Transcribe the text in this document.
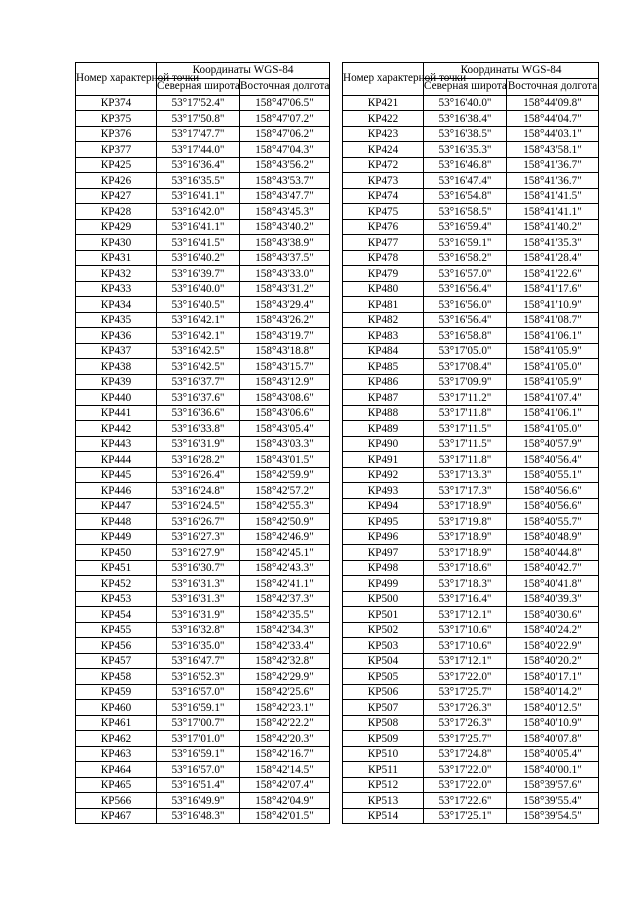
Номер характерной точки	Координаты WGS-84	
	Северная широта	Восточная долгота
КР374	53°17'52.4"	158°47'06.5"
КР375	53°17'50.8"	158°47'07.2"
КР376	53°17'47.7"	158°47'06.2"
КР377	53°17'44.0"	158°47'04.3"
КР425	53°16'36.4"	158°43'56.2"
КР426	53°16'35.5"	158°43'53.7"
КР427	53°16'41.1"	158°43'47.7"
КР428	53°16'42.0"	158°43'45.3"
КР429	53°16'41.1"	158°43'40.2"
КР430	53°16'41.5"	158°43'38.9"
КР431	53°16'40.2"	158°43'37.5"
КР432	53°16'39.7"	158°43'33.0"
КР433	53°16'40.0"	158°43'31.2"
КР434	53°16'40.5"	158°43'29.4"
КР435	53°16'42.1"	158°43'26.2"
КР436	53°16'42.1"	158°43'19.7"
КР437	53°16'42.5"	158°43'18.8"
КР438	53°16'42.5"	158°43'15.7"
КР439	53°16'37.7"	158°43'12.9"
КР440	53°16'37.6"	158°43'08.6"
КР441	53°16'36.6"	158°43'06.6"
КР442	53°16'33.8"	158°43'05.4"
КР443	53°16'31.9"	158°43'03.3"
КР444	53°16'28.2"	158°43'01.5"
КР445	53°16'26.4"	158°42'59.9"
КР446	53°16'24.8"	158°42'57.2"
КР447	53°16'24.5"	158°42'55.3"
КР448	53°16'26.7"	158°42'50.9"
КР449	53°16'27.3"	158°42'46.9"
КР450	53°16'27.9"	158°42'45.1"
КР451	53°16'30.7"	158°42'43.3"
КР452	53°16'31.3"	158°42'41.1"
КР453	53°16'31.3"	158°42'37.3"
КР454	53°16'31.9"	158°42'35.5"
КР455	53°16'32.8"	158°42'34.3"
КР456	53°16'35.0"	158°42'33.4"
КР457	53°16'47.7"	158°42'32.8"
КР458	53°16'52.3"	158°42'29.9"
КР459	53°16'57.0"	158°42'25.6"
КР460	53°16'59.1"	158°42'23.1"
КР461	53°17'00.7"	158°42'22.2"
КР462	53°17'01.0"	158°42'20.3"
КР463	53°16'59.1"	158°42'16.7"
КР464	53°16'57.0"	158°42'14.5"
КР465	53°16'51.4"	158°42'07.4"
КР566	53°16'49.9"	158°42'04.9"
КР467	53°16'48.3"	158°42'01.5"
Номер характерной точки	Координаты WGS-84	
	Северная широта	Восточная долгота
КР421	53°16'40.0"	158°44'09.8"
КР422	53°16'38.4"	158°44'04.7"
КР423	53°16'38.5"	158°44'03.1"
КР424	53°16'35.3"	158°43'58.1"
КР472	53°16'46.8"	158°41'36.7"
КР473	53°16'47.4"	158°41'36.7"
КР474	53°16'54.8"	158°41'41.5"
КР475	53°16'58.5"	158°41'41.1"
КР476	53°16'59.4"	158°41'40.2"
КР477	53°16'59.1"	158°41'35.3"
КР478	53°16'58.2"	158°41'28.4"
КР479	53°16'57.0"	158°41'22.6"
КР480	53°16'56.4"	158°41'17.6"
КР481	53°16'56.0"	158°41'10.9"
КР482	53°16'56.4"	158°41'08.7"
КР483	53°16'58.8"	158°41'06.1"
КР484	53°17'05.0"	158°41'05.9"
КР485	53°17'08.4"	158°41'05.0"
КР486	53°17'09.9"	158°41'05.9"
КР487	53°17'11.2"	158°41'07.4"
КР488	53°17'11.8"	158°41'06.1"
КР489	53°17'11.5"	158°41'05.0"
КР490	53°17'11.5"	158°40'57.9"
КР491	53°17'11.8"	158°40'56.4"
КР492	53°17'13.3"	158°40'55.1"
КР493	53°17'17.3"	158°40'56.6"
КР494	53°17'18.9"	158°40'56.6"
КР495	53°17'19.8"	158°40'55.7"
КР496	53°17'18.9"	158°40'48.9"
КР497	53°17'18.9"	158°40'44.8"
КР498	53°17'18.6"	158°40'42.7"
КР499	53°17'18.3"	158°40'41.8"
КР500	53°17'16.4"	158°40'39.3"
КР501	53°17'12.1"	158°40'30.6"
КР502	53°17'10.6"	158°40'24.2"
КР503	53°17'10.6"	158°40'22.9"
КР504	53°17'12.1"	158°40'20.2"
КР505	53°17'22.0"	158°40'17.1"
КР506	53°17'25.7"	158°40'14.2"
КР507	53°17'26.3"	158°40'12.5"
КР508	53°17'26.3"	158°40'10.9"
КР509	53°17'25.7"	158°40'07.8"
КР510	53°17'24.8"	158°40'05.4"
КР511	53°17'22.0"	158°40'00.1"
КР512	53°17'22.0"	158°39'57.6"
КР513	53°17'22.6"	158°39'55.4"
КР514	53°17'25.1"	158°39'54.5"
